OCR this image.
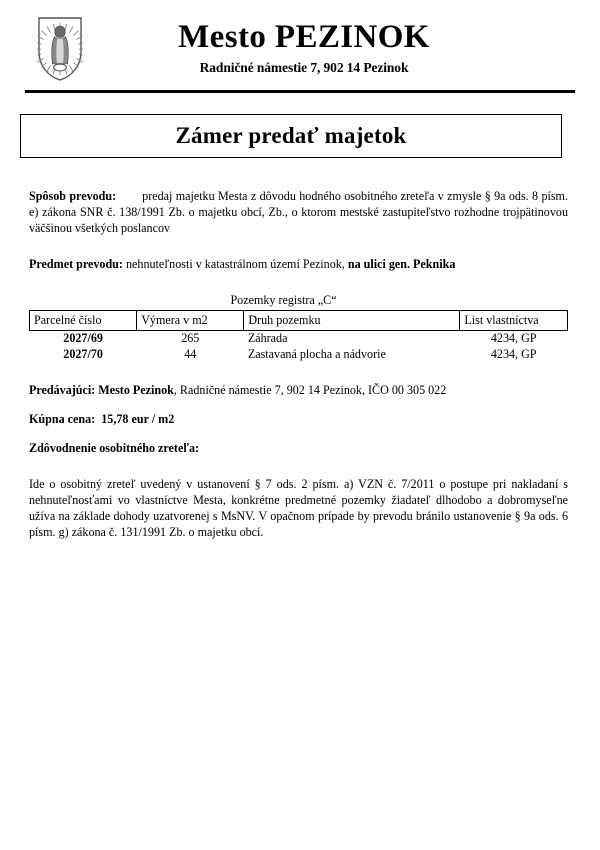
Mesto PEZINOK
Radničné námestie 7, 902 14 Pezinok
Zámer predať majetok

Spôsob prevodu: predaj majetku Mesta z dôvodu hodného osobitného zreteľa v zmysle § 9a ods. 8 písm. e) zákona SNR č. 138/1991 Zb. o majetku obcí, Zb., o ktorom mestské zastupiteľstvo rozhodne trojpätinovou väčšinou všetkých poslancov

Predmet prevodu: nehnuteľnosti v katastrálnom území Pezinok, na ulici gen. Peknika

Pozemky registra „C“
Parcelné číslo	Výmera v m2	Druh pozemku	List vlastníctva
2027/69	265	Záhrada	4234, GP
2027/70	44	Zastavaná plocha a nádvorie	4234, GP

Predávajúci: Mesto Pezinok, Radničné námestie 7, 902 14 Pezinok, IČO 00 305 022

Kúpna cena: 15,78 eur / m2

Zdôvodnenie osobitného zreteľa:

Ide o osobitný zreteľ uvedený v ustanovení § 7 ods. 2 písm. a) VZN č. 7/2011 o postupe pri nakladaní s nehnuteľnosťami vo vlastníctve Mesta, konkrétne predmetné pozemky žiadateľ dlhodobo a dobromyseľne užíva na základe dohody uzatvorenej s MsNV. V opačnom prípade by prevodu bránilo ustanovenie § 9a ods. 6 písm. g) zákona č. 131/1991 Zb. o majetku obcí.
